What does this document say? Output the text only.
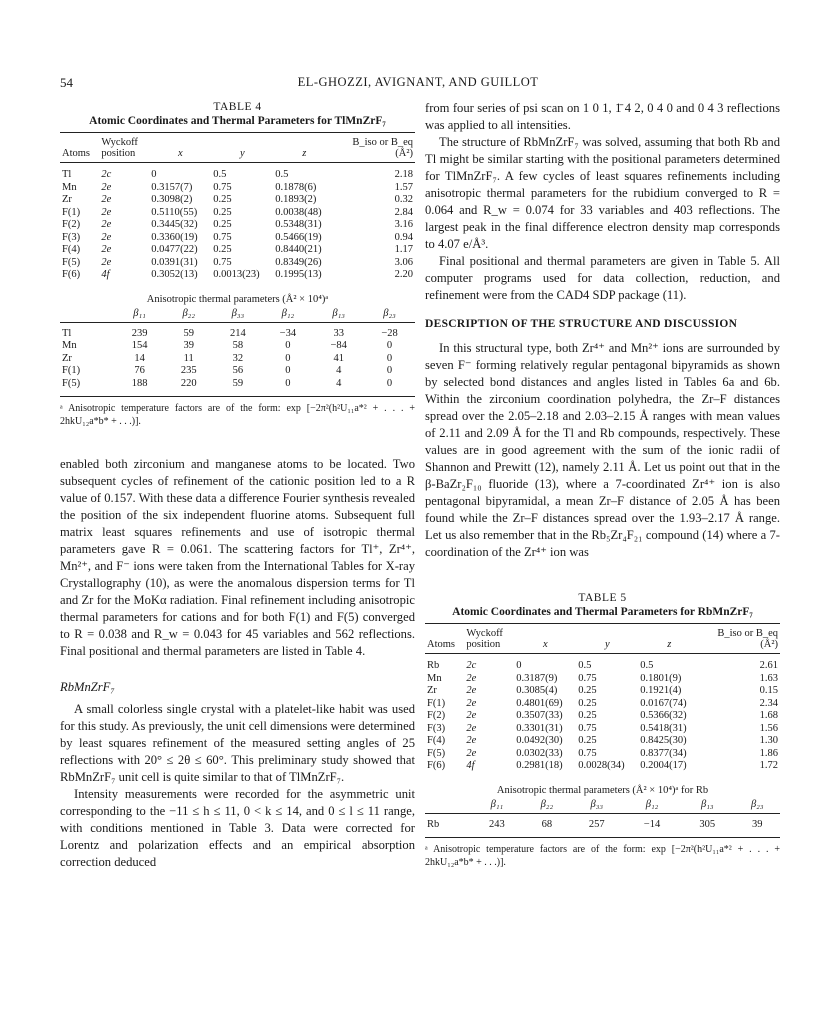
54	EL-GHOZZI, AVIGNANT, AND GUILLOT
TABLE 4
Atomic Coordinates and Thermal Parameters for TlMnZrF₇
	Wyckoff				B_iso or B_eq
Atoms	position	x	y	z	(Å²)
Tl	2c	0	0.5	0.5	2.18
Mn	2e	0.3157(7)	0.75	0.1878(6)	1.57
Zr	2e	0.3098(2)	0.25	0.1893(2)	0.32
F(1)	2e	0.5110(55)	0.25	0.0038(48)	2.84
F(2)	2e	0.3445(32)	0.25	0.5348(31)	3.16
F(3)	2e	0.3360(19)	0.75	0.5466(19)	0.94
F(4)	2e	0.0477(22)	0.25	0.8440(21)	1.17
F(5)	2e	0.0391(31)	0.75	0.8349(26)	3.06
F(6)	4f	0.3052(13)	0.0013(23)	0.1995(13)	2.20
Anisotropic thermal parameters (Å² × 10⁴)ᵃ
	β₁₁	β₂₂	β₃₃	β₁₂	β₁₃	β₂₃
Tl	239	59	214	−34	33	−28
Mn	154	39	58	0	−84	0
Zr	14	11	32	0	41	0
F(1)	76	235	56	0	4	0
F(5)	188	220	59	0	4	0
ᵃ Anisotropic temperature factors are of the form: exp [−2π²(h²U₁₁a*² + . . . + 2hkU₁₂a*b* + . . .)].

enabled both zirconium and manganese atoms to be located. Two subsequent cycles of refinement of the cationic position led to a R value of 0.157. With these data a difference Fourier synthesis revealed the position of the six independent fluorine atoms. Subsequent full matrix least squares refinements and use of isotropic thermal parameters gave R = 0.061. The scattering factors for Tl⁺, Zr⁴⁺, Mn²⁺, and F⁻ ions were taken from the International Tables for X-ray Crystallography (10), as were the anomalous dispersion terms for Tl and Zr for the MoKα radiation. Final refinement including anisotropic thermal parameters for cations and for both F(1) and F(5) converged to R = 0.038 and R_w = 0.043 for 45 variables and 562 reflections. Final positional and thermal parameters are listed in Table 4.

RbMnZrF₇

A small colorless single crystal with a platelet-like habit was used for this study. As previously, the unit cell dimensions were determined by least squares refinement of the measured setting angles of 25 reflections with 20° ≤ 2θ ≤ 60°. This preliminary study showed that RbMnZrF₇ unit cell is quite similar to that of TlMnZrF₇.

Intensity measurements were recorded for the asymmetric unit corresponding to the −11 ≤ h ≤ 11, 0 < k ≤ 14, and 0 ≤ l ≤ 11 range, with conditions mentioned in Table 3. Data were corrected for Lorentz and polarization effects and an empirical absorption correction deduced

from four series of psi scan on 1 0 1, 1̄ 4 2, 0 4 0 and 0 4 3 reflections was applied to all intensities.

The structure of RbMnZrF₇ was solved, assuming that both Rb and Tl might be similar starting with the positional parameters determined for TlMnZrF₇. A few cycles of least squares refinements including anisotropic thermal parameters for the rubidium converged to R = 0.064 and R_w = 0.074 for 33 variables and 403 reflections. The largest peak in the final difference electron density map corresponds to 4.07 e/Å³.

Final positional and thermal parameters are given in Table 5. All computer programs used for data collection, reduction, and refinement were from the CAD4 SDP package (11).

DESCRIPTION OF THE STRUCTURE AND DISCUSSION

In this structural type, both Zr⁴⁺ and Mn²⁺ ions are surrounded by seven F⁻ forming relatively regular pentagonal bipyramids as shown by selected bond distances and angles listed in Tables 6a and 6b. Within the zirconium coordination polyhedra, the Zr–F distances spread over the 2.05–2.18 and 2.03–2.15 Å ranges with mean values of 2.11 and 2.09 Å for the Tl and Rb compounds, respectively. These values are in good agreement with the sum of the ionic radii of Shannon and Prewitt (12), namely 2.11 Å. Let us point out that in the β-BaZr₂F₁₀ fluoride (13), where a 7-coordinated Zr⁴⁺ ion is also pentagonal bipyramidal, a mean Zr–F distance of 2.05 Å has been found while the Zr–F distances spread over the 1.93–2.17 Å range. Let us also remember that in the Rb₅Zr₄F₂₁ compound (14) where a 7-coordination of the Zr⁴⁺ ion was

TABLE 5
Atomic Coordinates and Thermal Parameters for RbMnZrF₇
	Wyckoff				B_iso or B_eq
Atoms	position	x	y	z	(Å²)
Rb	2c	0	0.5	0.5	2.61
Mn	2e	0.3187(9)	0.75	0.1801(9)	1.63
Zr	2e	0.3085(4)	0.25	0.1921(4)	0.15
F(1)	2e	0.4801(69)	0.25	0.0167(74)	2.34
F(2)	2e	0.3507(33)	0.25	0.5366(32)	1.68
F(3)	2e	0.3301(31)	0.75	0.5418(31)	1.56
F(4)	2e	0.0492(30)	0.25	0.8425(30)	1.30
F(5)	2e	0.0302(33)	0.75	0.8377(34)	1.86
F(6)	4f	0.2981(18)	0.0028(34)	0.2004(17)	1.72
Anisotropic thermal parameters (Å² × 10⁴)ᵃ for Rb
	β₁₁	β₂₂	β₃₃	β₁₂	β₁₃	β₂₃
Rb	243	68	257	−14	305	39
ᵃ Anisotropic temperature factors are of the form: exp [−2π²(h²U₁₁a*² + . . . + 2hkU₁₂a*b* + . . .)].
